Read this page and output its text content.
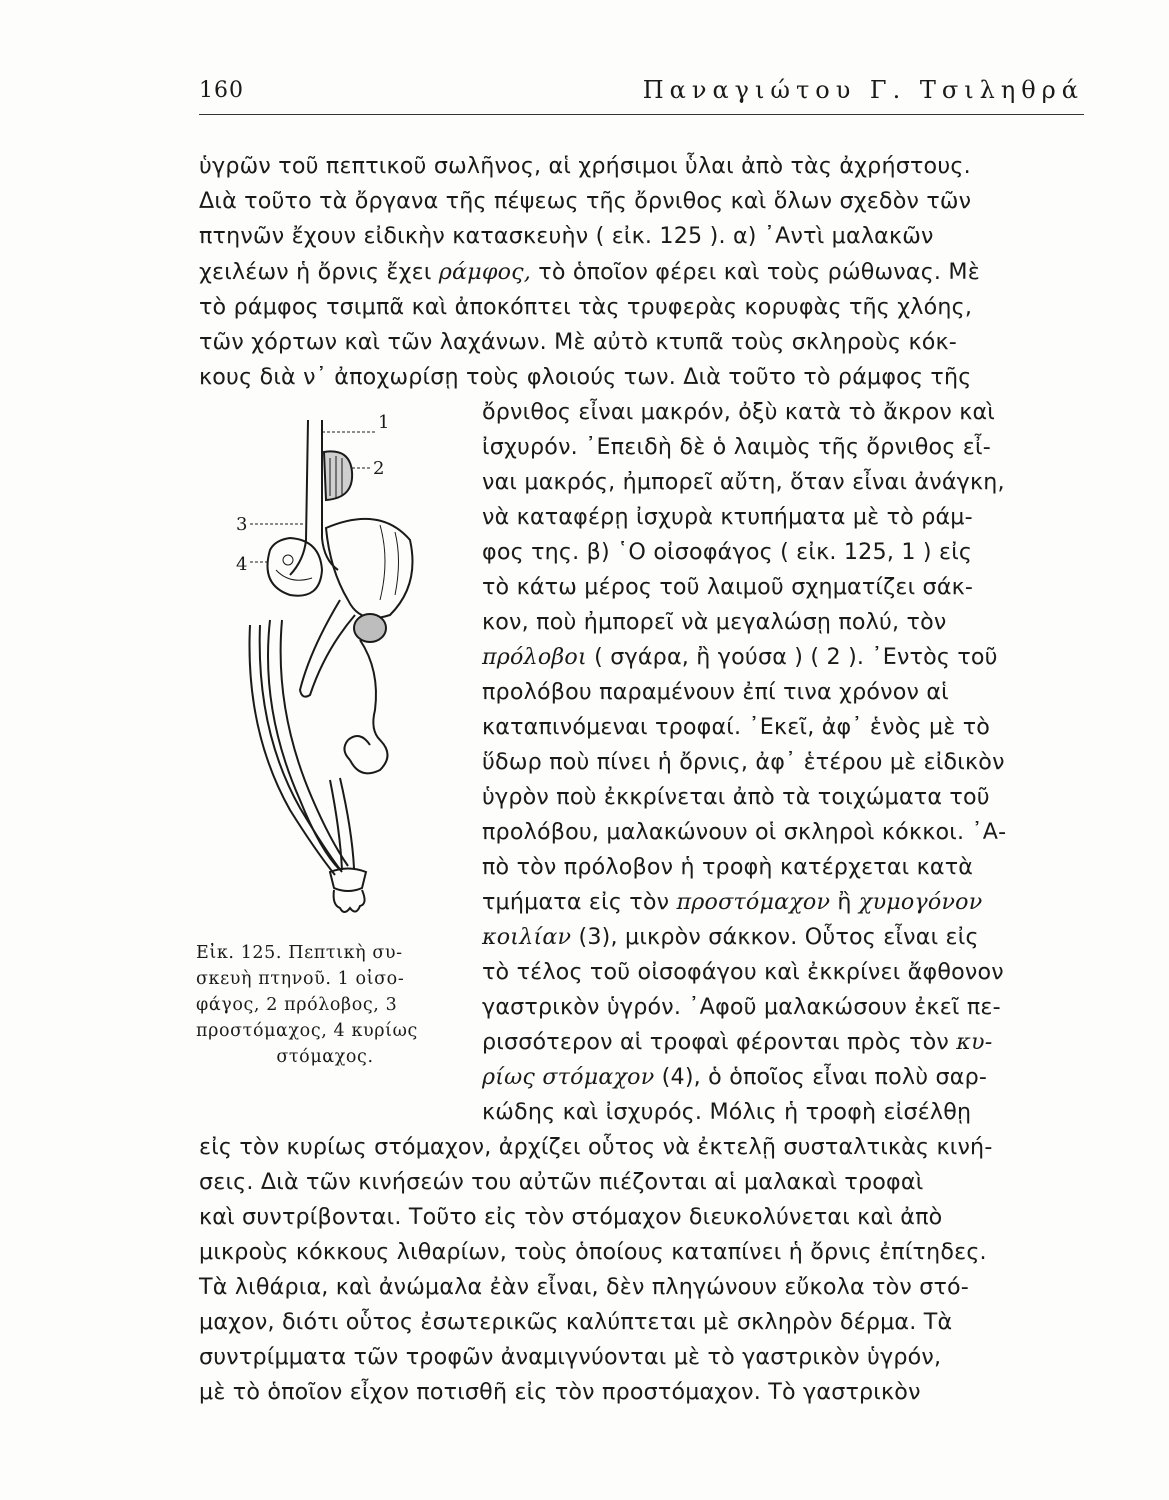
160	Παναγιώτου Γ. Τσιληθρά
ὑγρῶν τοῦ πεπτικοῦ σωλῆνος, αἱ χρήσιμοι ὗλαι ἀπὸ τὰς ἀχρήστους.
Διὰ τοῦτο τὰ ὄργανα τῆς πέψεως τῆς ὄρνιθος καὶ ὅλων σχεδὸν τῶν
πτηνῶν ἔχουν εἰδικὴν κατασκευὴν ( εἰκ. 125 ). α) ᾿Αντὶ μαλακῶν
χειλέων ἡ ὄρνις ἔχει ράμφος, τὸ ὁποῖον φέρει καὶ τοὺς ρώθωνας. Μὲ
τὸ ράμφος τσιμπᾶ καὶ ἀποκόπτει τὰς τρυφερὰς κορυφὰς τῆς χλόης,
τῶν χόρτων καὶ τῶν λαχάνων. Μὲ αὐτὸ κτυπᾶ τοὺς σκληροὺς κόκ-
κους διὰ ν᾿ ἀποχωρίσῃ τοὺς φλοιούς των. Διὰ τοῦτο τὸ ράμφος τῆς
ὄρνιθος εἶναι μακρόν, ὀξὺ κατὰ τὸ ἄκρον καὶ
ἰσχυρόν. ᾿Επειδὴ δὲ ὁ λαιμὸς τῆς ὄρνιθος εἶ-
ναι μακρός, ἠμπορεῖ αὔτη, ὅταν εἶναι ἀνάγκη,
νὰ καταφέρῃ ἰσχυρὰ κτυπήματα μὲ τὸ ράμ-
φος της. β) ῾Ο οἰσοφάγος ( εἰκ. 125, 1 ) εἰς
τὸ κάτω μέρος τοῦ λαιμοῦ σχηματίζει σάκ-
κον, ποὺ ἠμπορεῖ νὰ μεγαλώσῃ πολύ, τὸν
πρόλοβοι ( σγάρα, ἢ γούσα ) ( 2 ). ᾿Εντὸς τοῦ
προλόβου παραμένουν ἐπί τινα χρόνον αἱ
καταπινόμεναι τροφαί. ᾿Εκεῖ, ἀφ᾿ ἑνὸς μὲ τὸ
ὕδωρ ποὺ πίνει ἡ ὄρνις, ἀφ᾿ ἑτέρου μὲ εἰδικὸν
ὑγρὸν ποὺ ἐκκρίνεται ἀπὸ τὰ τοιχώματα τοῦ
προλόβου, μαλακώνουν οἱ σκληροὶ κόκκοι. ᾿Α-
πὸ τὸν πρόλοβον ἡ τροφὴ κατέρχεται κατὰ
τμήματα εἰς τὸν προστόμαχον ἢ χυμογόνον
κοιλίαν (3), μικρὸν σάκκον. Οὗτος εἶναι εἰς
τὸ τέλος τοῦ οἰσοφάγου καὶ ἐκκρίνει ἄφθονον
γαστρικὸν ὑγρόν. ᾿Αφοῦ μαλακώσουν ἐκεῖ πε-
ρισσότερον αἱ τροφαὶ φέρονται πρὸς τὸν κυ-
ρίως στόμαχον (4), ὁ ὁποῖος εἶναι πολὺ σαρ-
κώδης καὶ ἰσχυρός. Μόλις ἡ τροφὴ εἰσέλθῃ
εἰς τὸν κυρίως στόμαχον, ἀρχίζει οὗτος νὰ ἐκτελῇ συσταλτικὰς κινή-
σεις. Διὰ τῶν κινήσεών του αὐτῶν πιέζονται αἱ μαλακαὶ τροφαὶ
καὶ συντρίβονται. Τοῦτο εἰς τὸν στόμαχον διευκολύνεται καὶ ἀπὸ
μικροὺς κόκκους λιθαρίων, τοὺς ὁποίους καταπίνει ἡ ὄρνις ἐπίτηδες.
Τὰ λιθάρια, καὶ ἀνώμαλα ἐὰν εἶναι, δὲν πληγώνουν εὔκολα τὸν στό-
μαχον, διότι οὗτος ἐσωτερικῶς καλύπτεται μὲ σκληρὸν δέρμα. Τὰ
συντρίμματα τῶν τροφῶν ἀναμιγνύονται μὲ τὸ γαστρικὸν ὑγρόν,
μὲ τὸ ὁποῖον εἶχον ποτισθῆ εἰς τὸν προστόμαχον. Τὸ γαστρικὸν
1
2
3
4
Εἰκ. 125. Πεπτικὴ συ-
σκευὴ πτηνοῦ. 1 οἰσο-
φάγος, 2 πρόλοβος, 3
προστόμαχος, 4 κυρίως
στόμαχος.
